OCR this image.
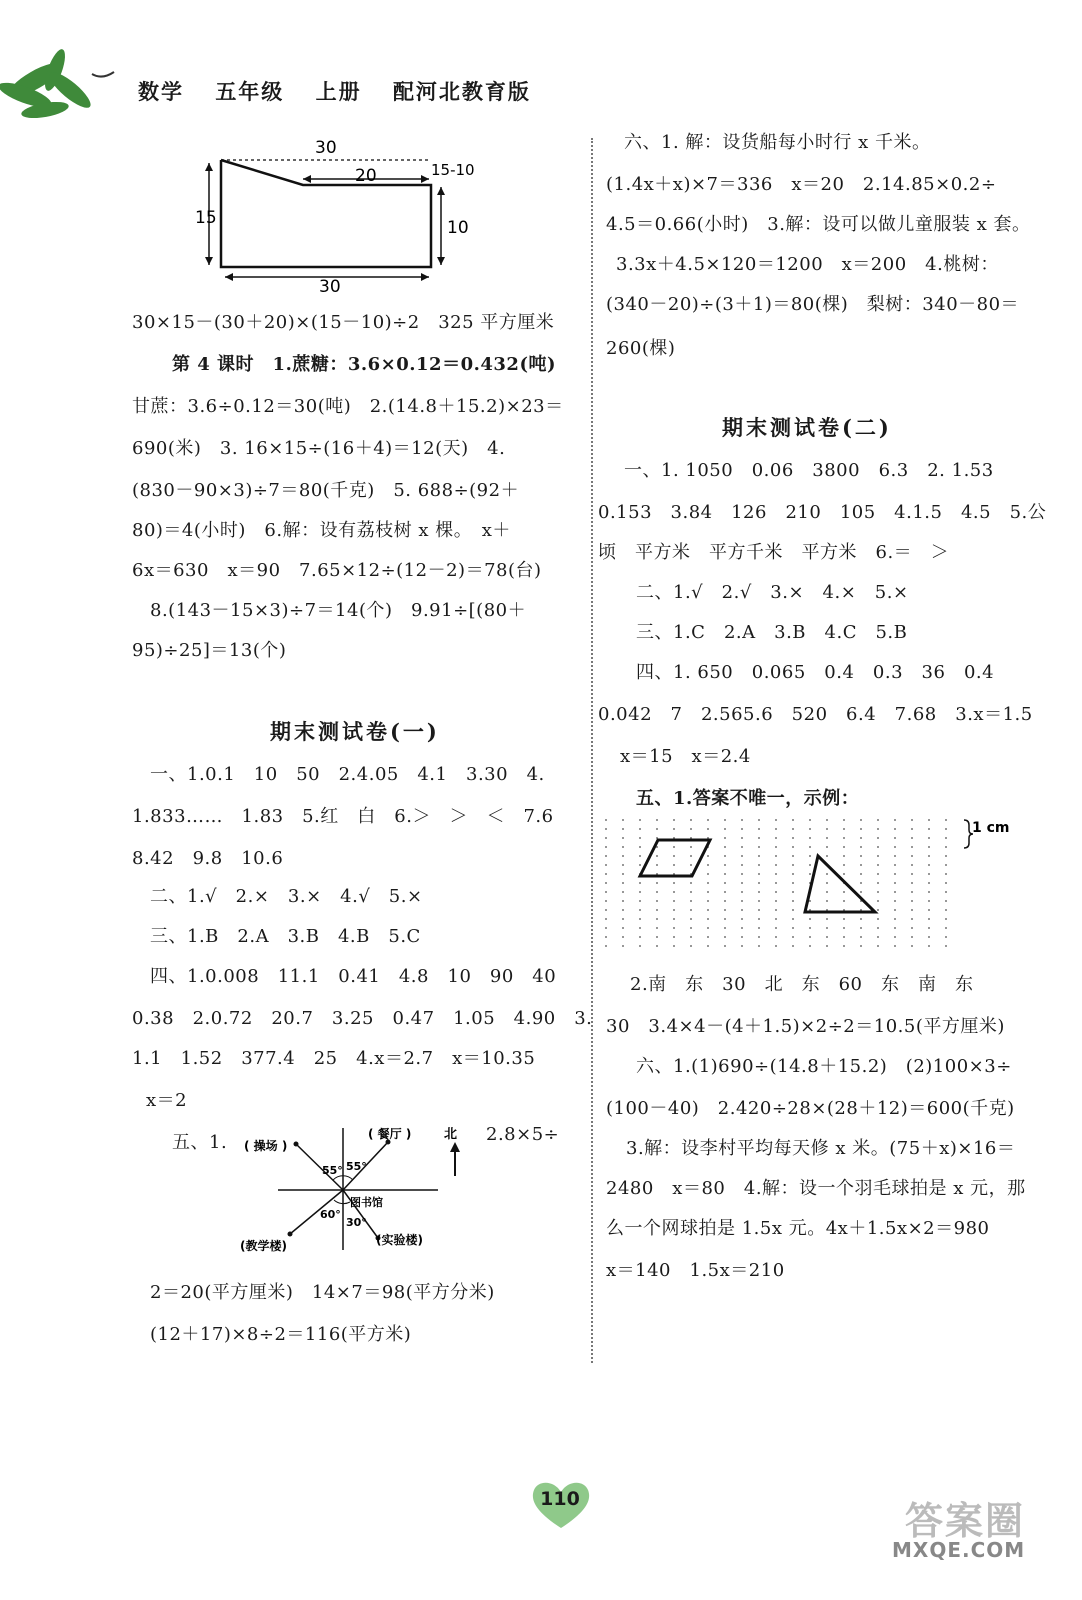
数学 五年级 上册 配河北教育版
30
20	15-10
15	10
30
30×15－(30＋20)×(15－10)÷2　325 平方厘米
第 4 课时　1.蔗糖：3.6×0.12＝0.432(吨)
甘蔗：3.6÷0.12＝30(吨)　2.(14.8＋15.2)×23＝
690(米)　3. 16×15÷(16＋4)＝12(天)　4.
(830－90×3)÷7＝80(千克)　5. 688÷(92＋
80)＝4(小时)　6.解：设有荔枝树 x 棵。　x＋
6x＝630　x＝90　7.65×12÷(12－2)＝78(台)
8.(143－15×3)÷7＝14(个)　9.91÷[(80＋
95)÷25]＝13(个)
期末测试卷(一)
一、1.0.1　10　50　2.4.05　4.1　3.30　4.
1.833……　1.83　5.红　白　6.＞　＞　＜　7.6
8.42　9.8　10.6
二、1.√　2.×　3.×　4.√　5.×
三、1.B　2.A　3.B　4.B　5.C
四、1.0.008　11.1　0.41　4.8　10　90　40
0.38　2.0.72　20.7　3.25　0.47　1.05　4.90　3.
1.1　1.52　377.4　25　4.x＝2.7　x＝10.35
x＝2
五、1.	2.8×5÷
( 操场 )
( 餐厅 )	北
图书馆
(教学楼)	(实验楼)
55° 55°
60°
30°
2＝20(平方厘米)　14×7＝98(平方分米)
(12＋17)×8÷2＝116(平方米)
六、1. 解：设货船每小时行 x 千米。
(1.4x＋x)×7＝336　x＝20　2.14.85×0.2÷
4.5＝0.66(小时)　3.解：设可以做儿童服装 x 套。
3.3x＋4.5×120＝1200　x＝200　4.桃树：
(340－20)÷(3＋1)＝80(棵)　梨树：340－80＝
260(棵)
期末测试卷(二)
一、1. 1050　0.06　3800　6.3　2. 1.53
0.153　3.84　126　210　105　4.1.5　4.5　5.公
顷　平方米　平方千米　平方米　6.＝　＞
二、1.√　2.√　3.×　4.×　5.×
三、1.C　2.A　3.B　4.C　5.B
四、1. 650　0.065　0.4　0.3　36　0.4
0.042　7　2.565.6　520　6.4　7.68　3.x＝1.5
x＝15　x＝2.4
五、1.答案不唯一，示例：
1 cm
2.南　东　30　北　东　60　东　南　东
30　3.4×4－(4＋1.5)×2÷2＝10.5(平方厘米)
六、1.(1)690÷(14.8＋15.2)　(2)100×3÷
(100－40)　2.420÷28×(28＋12)＝600(千克)
3.解：设李村平均每天修 x 米。(75＋x)×16＝
2480　x＝80　4.解：设一个羽毛球拍是 x 元，那
么一个网球拍是 1.5x 元。4x＋1.5x×2＝980
x＝140　1.5x＝210
110	答案圈
MXQE.COM
